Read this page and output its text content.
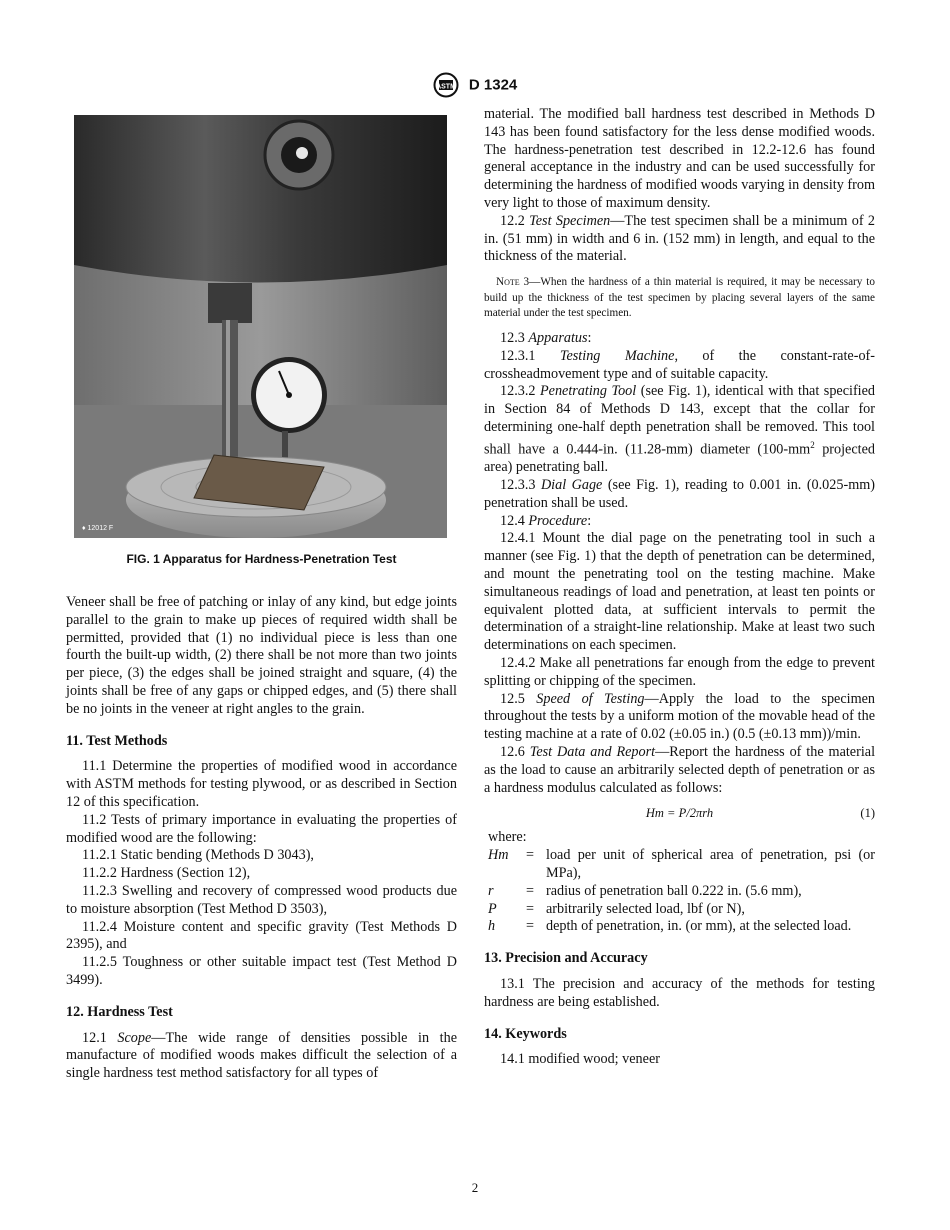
ASTM D 1324
♦ 12012 F
FIG. 1 Apparatus for Hardness-Penetration Test

Veneer shall be free of patching or inlay of any kind, but edge joints parallel to the grain to make up pieces of required width shall be permitted, provided that (1) no individual piece is less than one fourth the built-up width, (2) there shall be not more than two joints per piece, (3) the edges shall be joined straight and square, (4) the joints shall be free of any gaps or chipped edges, and (5) there shall be no joints in the veneer at right angles to the grain.

11. Test Methods

11.1 Determine the properties of modified wood in accordance with ASTM methods for testing plywood, or as described in Section 12 of this specification.

11.2 Tests of primary importance in evaluating the properties of modified wood are the following:

11.2.1 Static bending (Methods D 3043),

11.2.2 Hardness (Section 12),

11.2.3 Swelling and recovery of compressed wood products due to moisture absorption (Test Method D 3503),

11.2.4 Moisture content and specific gravity (Test Methods D 2395), and

11.2.5 Toughness or other suitable impact test (Test Method D 3499).

12. Hardness Test

12.1 Scope—The wide range of densities possible in the manufacture of modified woods makes difficult the selection of a single hardness test method satisfactory for all types of

material. The modified ball hardness test described in Methods D 143 has been found satisfactory for the less dense modified woods. The hardness-penetration test described in 12.2-12.6 has found general acceptance in the industry and can be used successfully for determining the hardness of modified woods varying in density from very light to those of maximum density.

12.2 Test Specimen—The test specimen shall be a minimum of 2 in. (51 mm) in width and 6 in. (152 mm) in length, and equal to the thickness of the material.

Note 3—When the hardness of a thin material is required, it may be necessary to build up the thickness of the test specimen by placing several layers of the same material under the test specimen.

12.3 Apparatus:

12.3.1 Testing Machine, of the constant-rate-of-crossheadmovement type and of suitable capacity.

12.3.2 Penetrating Tool (see Fig. 1), identical with that specified in Section 84 of Methods D 143, except that the collar for determining one-half depth penetration shall be removed. This tool shall have a 0.444-in. (11.28-mm) diameter ($100-mm^2$ projected area) penetrating ball.

12.3.3 Dial Gage (see Fig. 1), reading to 0.001 in. (0.025-mm) penetration shall be used.

12.4 Procedure:

12.4.1 Mount the dial page on the penetrating tool in such a manner (see Fig. 1) that the depth of penetration can be determined, and mount the penetrating tool on the testing machine. Make simultaneous readings of load and penetration, at least ten points or equivalent plotted data, at sufficient intervals to permit the determination of a straight-line relationship. Make at least two such determinations on each specimen.

12.4.2 Make all penetrations far enough from the edge to prevent splitting or chipping of the specimen.

12.5 Speed of Testing—Apply the load to the specimen throughout the tests by a uniform motion of the movable head of the testing machine at a rate of 0.02 (±0.05 in.) (0.5 (±0.13 mm))/min.

12.6 Test Data and Report—Report the hardness of the material as the load to cause an arbitrarily selected depth of penetration or as a hardness modulus calculated as follows:

Hm = P/2πrh	(1)

where:

Hm	=	load per unit of spherical area of penetration, psi (or MPa),
r	=	radius of penetration ball 0.222 in. (5.6 mm),
P	=	arbitrarily selected load, lbf (or N),
h	=	depth of penetration, in. (or mm), at the selected load.
13. Precision and Accuracy

13.1 The precision and accuracy of the methods for testing hardness are being established.

14. Keywords

14.1 modified wood; veneer

2
